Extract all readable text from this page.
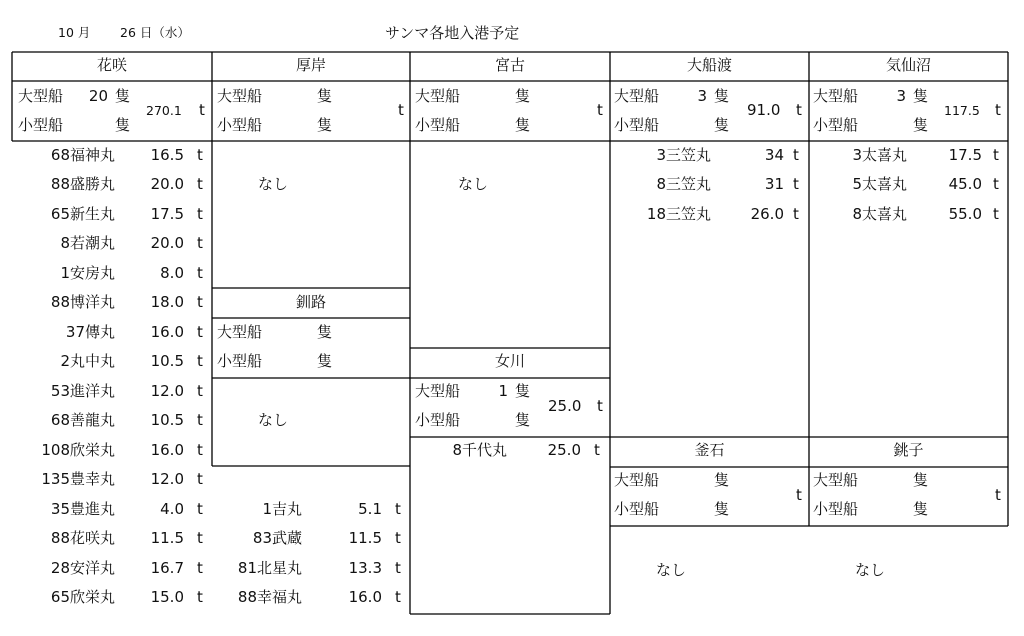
10 月 26 日（水）	サンマ各地入港予定
花咲
大型船	20 隻
小型船	隻
270.1 t
68福神丸	16.5 t
88盛勝丸	20.0 t
65新生丸	17.5 t
8若潮丸	20.0 t
1安房丸	8.0 t
88博洋丸	18.0 t
37傳丸	16.0 t
2丸中丸	10.5 t
53進洋丸	12.0 t
68善龍丸	10.5 t
108欣栄丸	16.0 t
135豊幸丸	12.0 t
35豊進丸	4.0 t
88花咲丸	11.5 t
28安洋丸	16.7 t
65欣栄丸	15.0 t
厚岸
大型船	隻
小型船	隻
t
なし
釧路
大型船	隻
小型船	隻
なし
1吉丸	5.1 t
83武蔵	11.5 t
81北星丸	13.3 t
88幸福丸	16.0 t
宮古
大型船	隻
小型船	隻
t
なし
女川
大型船	1 隻
小型船	隻
25.0 t
8千代丸	25.0 t
大船渡
大型船	3 隻
小型船	隻
91.0 t
3三笠丸	34 t
8三笠丸	31 t
18三笠丸	26.0 t
釜石
大型船	隻
小型船	隻
t
なし
気仙沼
大型船	3 隻
小型船	隻
117.5 t
3太喜丸	17.5 t
5太喜丸	45.0 t
8太喜丸	55.0 t
銚子
大型船	隻
小型船	隻
t
なし
